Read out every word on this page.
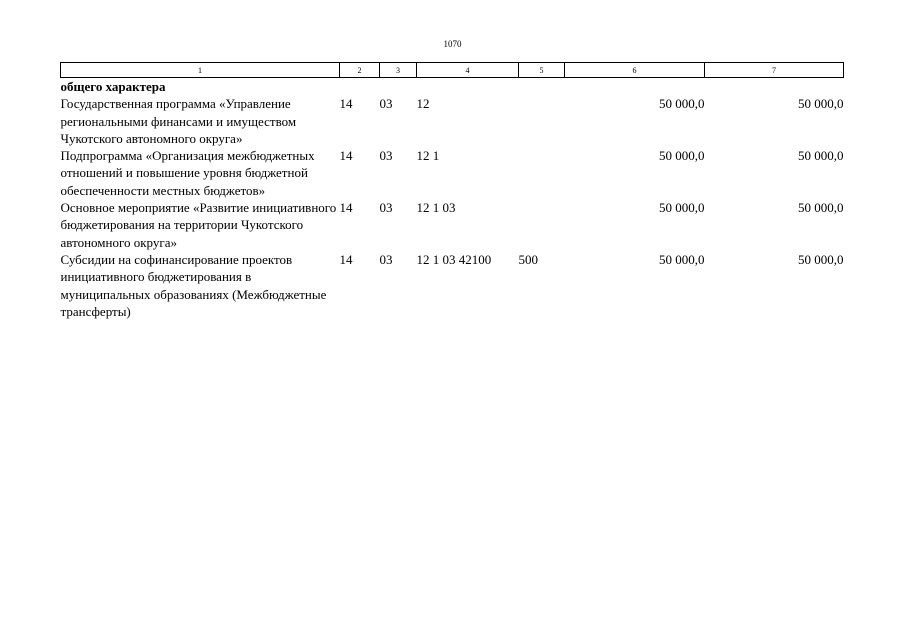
1070
1	2	3	4	5	6	7
общего характера						
Государственная программа «Управление региональными финансами и имуществом Чукотского автономного округа»	14	03	12		50 000,0	50 000,0
Подпрограмма «Организация межбюджетных отношений и повышение уровня бюджетной обеспеченности местных бюджетов»	14	03	12 1		50 000,0	50 000,0
Основное мероприятие «Развитие инициативного бюджетирования на территории Чукотского автономного округа»	14	03	12 1 03		50 000,0	50 000,0
Субсидии на софинансирование проектов инициативного бюджетирования в муниципальных образованиях (Межбюджетные трансферты)	14	03	12 1 03 42100	500	50 000,0	50 000,0
